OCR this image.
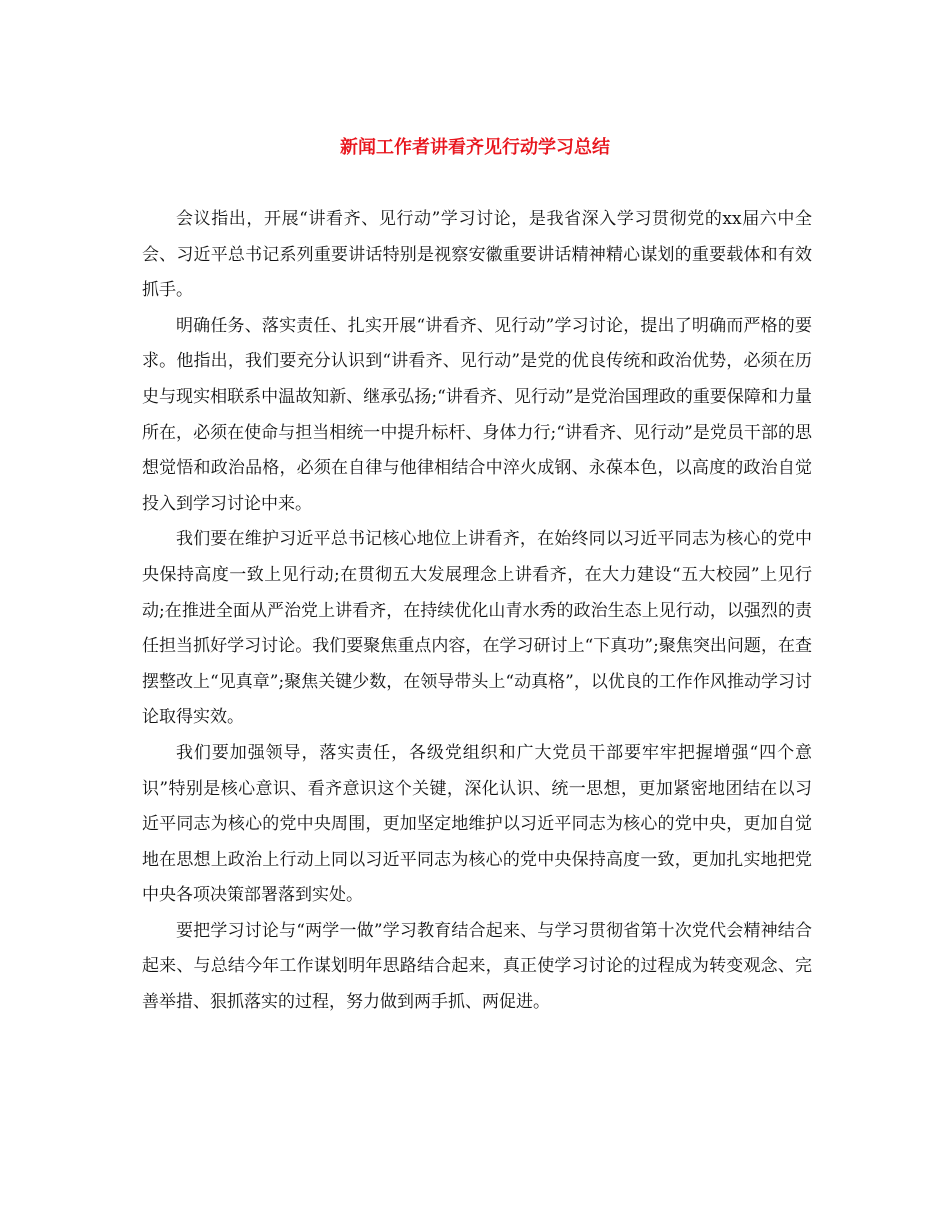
新闻工作者讲看齐见行动学习总结

会议指出，开展“讲看齐、见行动”学习讨论，是我省深入学习贯彻党的xx届六中全会、习近平总书记系列重要讲话特别是视察安徽重要讲话精神精心谋划的重要载体和有效抓手。

明确任务、落实责任、扎实开展“讲看齐、见行动”学习讨论，提出了明确而严格的要求。他指出，我们要充分认识到“讲看齐、见行动”是党的优良传统和政治优势，必须在历史与现实相联系中温故知新、继承弘扬;“讲看齐、见行动”是党治国理政的重要保障和力量所在，必须在使命与担当相统一中提升标杆、身体力行;“讲看齐、见行动”是党员干部的思想觉悟和政治品格，必须在自律与他律相结合中淬火成钢、永葆本色，以高度的政治自觉投入到学习讨论中来。

我们要在维护习近平总书记核心地位上讲看齐，在始终同以习近平同志为核心的党中央保持高度一致上见行动;在贯彻五大发展理念上讲看齐，在大力建设“五大校园”上见行动;在推进全面从严治党上讲看齐，在持续优化山青水秀的政治生态上见行动，以强烈的责任担当抓好学习讨论。我们要聚焦重点内容，在学习研讨上“下真功”;聚焦突出问题，在查摆整改上“见真章”;聚焦关键少数，在领导带头上“动真格”，以优良的工作作风推动学习讨论取得实效。

我们要加强领导，落实责任，各级党组织和广大党员干部要牢牢把握增强“四个意识”特别是核心意识、看齐意识这个关键，深化认识、统一思想，更加紧密地团结在以习近平同志为核心的党中央周围，更加坚定地维护以习近平同志为核心的党中央，更加自觉地在思想上政治上行动上同以习近平同志为核心的党中央保持高度一致，更加扎实地把党中央各项决策部署落到实处。

要把学习讨论与“两学一做”学习教育结合起来、与学习贯彻省第十次党代会精神结合起来、与总结今年工作谋划明年思路结合起来，真正使学习讨论的过程成为转变观念、完善举措、狠抓落实的过程，努力做到两手抓、两促进。
